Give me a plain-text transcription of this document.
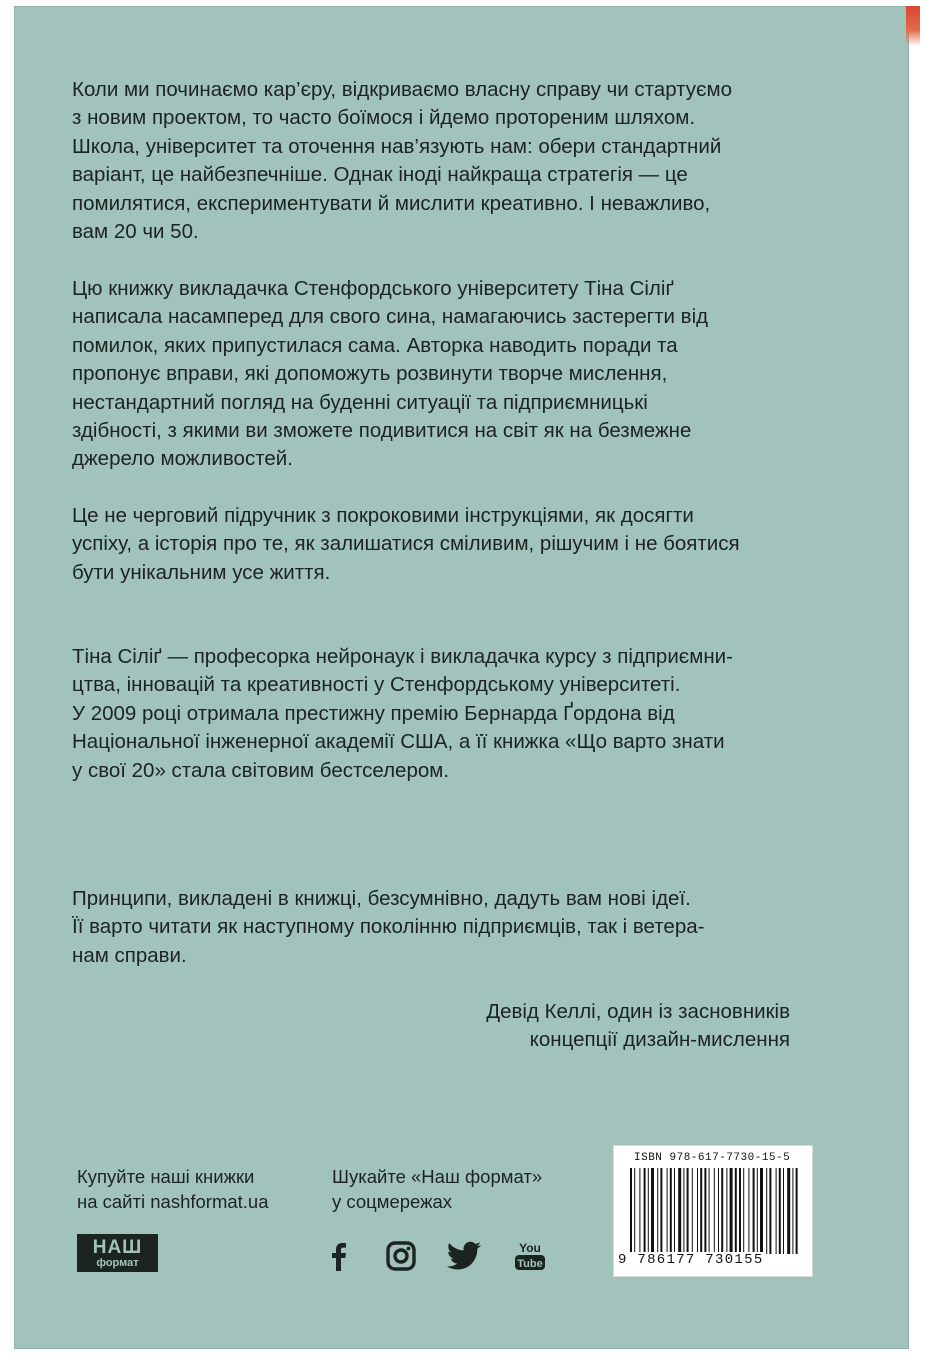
Коли ми починаємо кар’єру, відкриваємо власну справу чи стартуємо
з новим проектом, то часто боїмося і йдемо протореним шляхом.
Школа, університет та оточення нав’язують нам: обери стандартний
варіант, це найбезпечніше. Однак іноді найкраща стратегія — це
помилятися, експериментувати й мислити креативно. І неважливо,
вам 20 чи 50.

Цю книжку викладачка Стенфордського університету Тіна Сіліґ
написала насамперед для свого сина, намагаючись застерегти від
помилок, яких припустилася сама. Авторка наводить поради та
пропонує вправи, які допоможуть розвинути творче мислення,
нестандартний погляд на буденні ситуації та підприємницькі
здібності, з якими ви зможете подивитися на світ як на безмежне
джерело можливостей.

Це не черговий підручник з покроковими інструкціями, як досягти
успіху, а історія про те, як залишатися сміливим, рішучим і не боятися
бути унікальним усе життя.

Тіна Сіліґ — професорка нейронаук і викладачка курсу з підприємни-
цтва, інновацій та креативності у Стенфордському університеті.
У 2009 році отримала престижну премію Бернарда Ґордона від
Національної інженерної академії США, а її книжка «Що варто знати
у свої 20» стала світовим бестселером.

Принципи, викладені в книжці, безсумнівно, дадуть вам нові ідеї.
Її варто читати як наступному поколінню підприємців, так і ветера-
нам справи.

Девід Келлі, один із засновників
концепції дизайн-мислення
Купуйте наші книжки
на сайті nashformat.ua
Шукайте «Наш формат»
у соцмережах
НАШ
формат
You
Tube
ISBN 978-617-7730-15-5
9 786177 730155
